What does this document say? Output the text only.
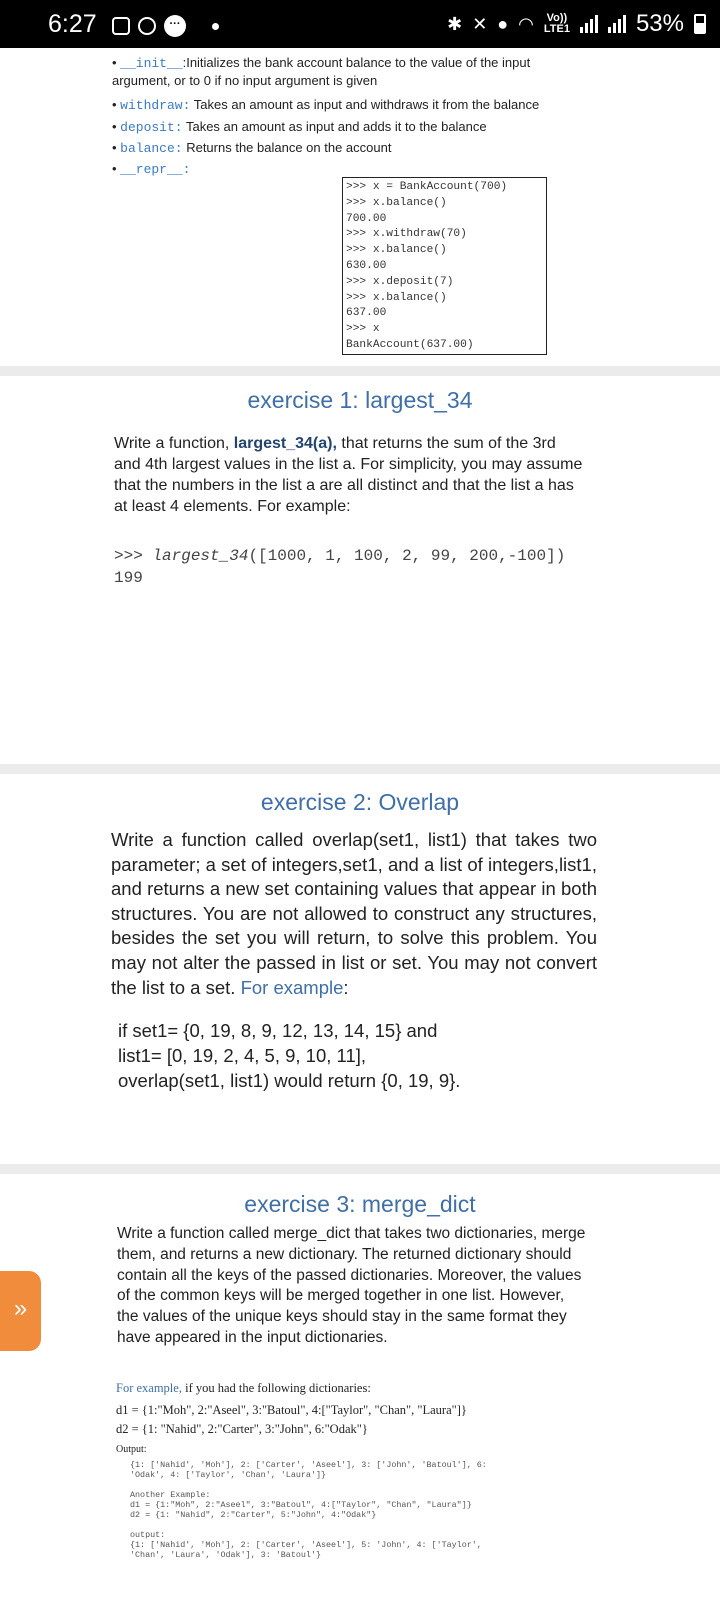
6:27	···	✱ ✕ ● ◠ Vo))
LTE1	53%
• __init__:Initializes the bank account balance to the value of the input
argument, or to 0 if no input argument is given
• withdraw: Takes an amount as input and withdraws it from the balance
• deposit: Takes an amount as input and adds it to the balance
• balance: Returns the balance on the account
• __repr__:
>>> x = BankAccount(700)
>>> x.balance()
700.00
>>> x.withdraw(70)
>>> x.balance()
630.00
>>> x.deposit(7)
>>> x.balance()
637.00
>>> x
BankAccount(637.00)
exercise 1: largest_34
Write a function, largest_34(a), that returns the sum of the 3rd and 4th largest values in the list a. For simplicity, you may assume that the numbers in the list a are all distinct and that the list a has at least 4 elements. For example:
>>> largest_34([1000, 1, 100, 2, 99, 200,-100])
199
exercise 2: Overlap
Write a function called overlap(set1, list1) that takes two parameter; a set of integers,set1, and a list of integers,list1, and returns a new set containing values that appear in both structures. You are not allowed to construct any structures, besides the set you will return, to solve this problem. You may not alter the passed in list or set. You may not convert the list to a set. For example:
if set1= {0, 19, 8, 9, 12, 13, 14, 15} and
list1= [0, 19, 2, 4, 5, 9, 10, 11],
overlap(set1, list1) would return {0, 19, 9}.
exercise 3: merge_dict
Write a function called merge_dict that takes two dictionaries, merge them, and returns a new dictionary. The returned dictionary should contain all the keys of the passed dictionaries. Moreover, the values of the common keys will be merged together in one list. However, the values of the unique keys should stay in the same format they have appeared in the input dictionaries.
For example, if you had the following dictionaries:
d1 = {1:"Moh", 2:"Aseel", 3:"Batoul", 4:["Taylor", "Chan", "Laura"]}
d2 = {1: "Nahid", 2:"Carter", 3:"John", 6:"Odak"}
Output:
{1: ['Nahid', 'Moh'], 2: ['Carter', 'Aseel'], 3: ['John', 'Batoul'], 6:
'Odak', 4: ['Taylor', 'Chan', 'Laura']}
Another Example:
d1 = {1:"Moh", 2:"Aseel", 3:"Batoul", 4:["Taylor", "Chan", "Laura"]}
d2 = {1: "Nahid", 2:"Carter", 5:"John", 4:"Odak"}
output:
{1: ['Nahid', 'Moh'], 2: ['Carter', 'Aseel'], 5: 'John', 4: ['Taylor',
'Chan', 'Laura', 'Odak'], 3: 'Batoul'}
»
